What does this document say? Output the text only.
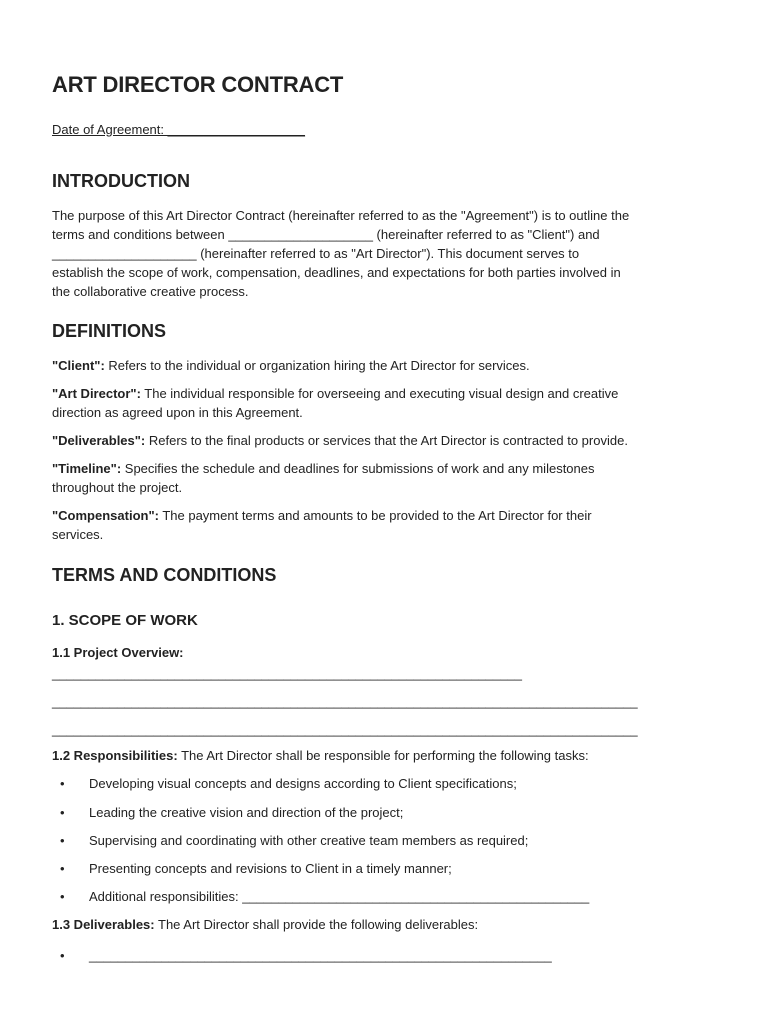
ART DIRECTOR CONTRACT
Date of Agreement: ___________________
INTRODUCTION
The purpose of this Art Director Contract (hereinafter referred to as the "Agreement") is to outline the
terms and conditions between ____________________ (hereinafter referred to as "Client") and
____________________ (hereinafter referred to as "Art Director"). This document serves to
establish the scope of work, compensation, deadlines, and expectations for both parties involved in
the collaborative creative process.
DEFINITIONS
"Client": Refers to the individual or organization hiring the Art Director for services.
"Art Director": The individual responsible for overseeing and executing visual design and creative
direction as agreed upon in this Agreement.
"Deliverables": Refers to the final products or services that the Art Director is contracted to provide.
"Timeline": Specifies the schedule and deadlines for submissions of work and any milestones
throughout the project.
"Compensation": The payment terms and amounts to be provided to the Art Director for their
services.
TERMS AND CONDITIONS
1. SCOPE OF WORK
1.1 Project Overview:
_________________________________________________________________
_________________________________________________________________________________
_________________________________________________________________________________
1.2 Responsibilities: The Art Director shall be responsible for performing the following tasks:
• Developing visual concepts and designs according to Client specifications;
• Leading the creative vision and direction of the project;
• Supervising and coordinating with other creative team members as required;
• Presenting concepts and revisions to Client in a timely manner;
• Additional responsibilities: ________________________________________________
1.3 Deliverables: The Art Director shall provide the following deliverables:
• ________________________________________________________________
